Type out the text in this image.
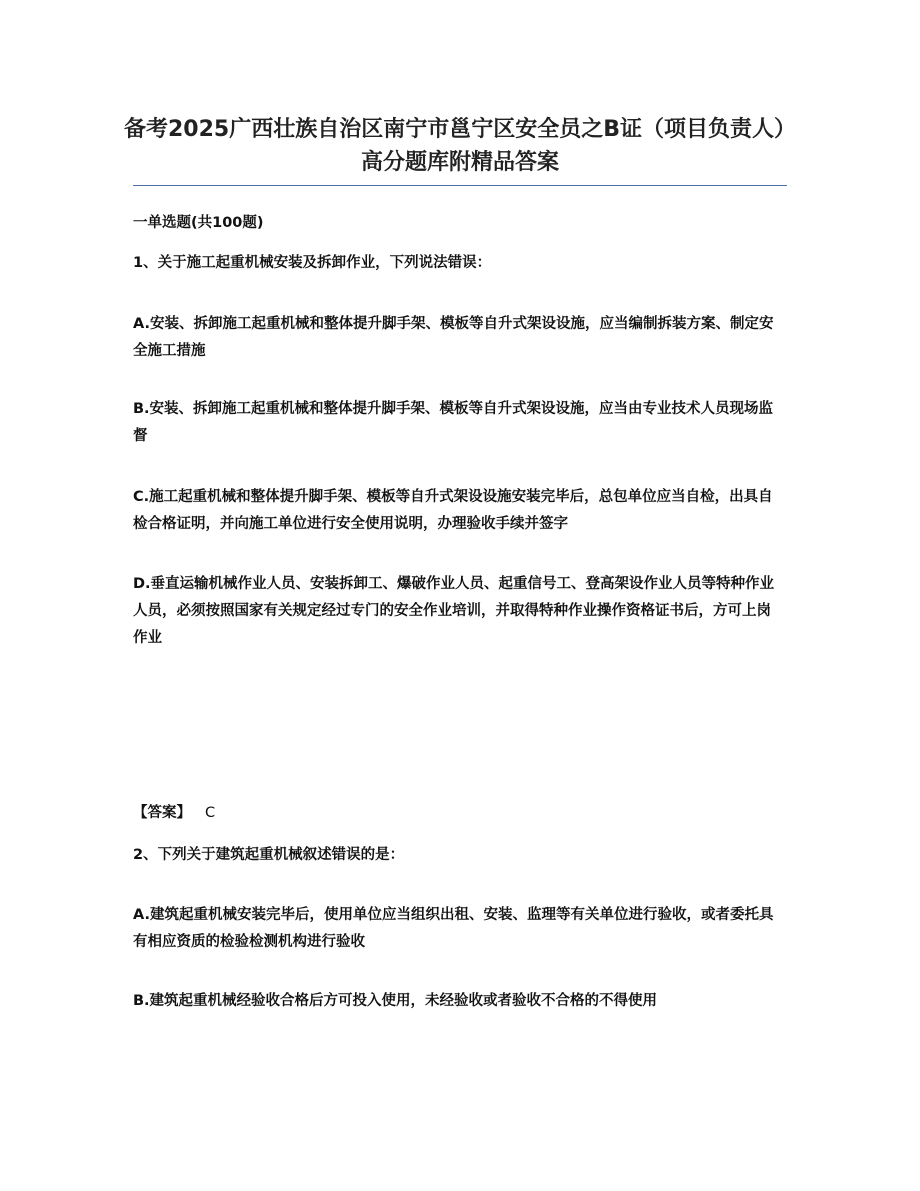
备考2025广西壮族自治区南宁市邕宁区安全员之B证（项目负责人）高分题库附精品答案

一单选题(共100题)

1、关于施工起重机械安装及拆卸作业，下列说法错误：

A.安装、拆卸施工起重机械和整体提升脚手架、模板等自升式架设设施，应当编制拆装方案、制定安全施工措施

B.安装、拆卸施工起重机械和整体提升脚手架、模板等自升式架设设施，应当由专业技术人员现场监督

C.施工起重机械和整体提升脚手架、模板等自升式架设设施安装完毕后，总包单位应当自检，出具自检合格证明，并向施工单位进行安全使用说明，办理验收手续并签字

D.垂直运输机械作业人员、安装拆卸工、爆破作业人员、起重信号工、登高架设作业人员等特种作业人员，必须按照国家有关规定经过专门的安全作业培训，并取得特种作业操作资格证书后，方可上岗作业

【答案】 C

2、下列关于建筑起重机械叙述错误的是：

A.建筑起重机械安装完毕后，使用单位应当组织出租、安装、监理等有关单位进行验收，或者委托具有相应资质的检验检测机构进行验收

B.建筑起重机械经验收合格后方可投入使用，未经验收或者验收不合格的不得使用
